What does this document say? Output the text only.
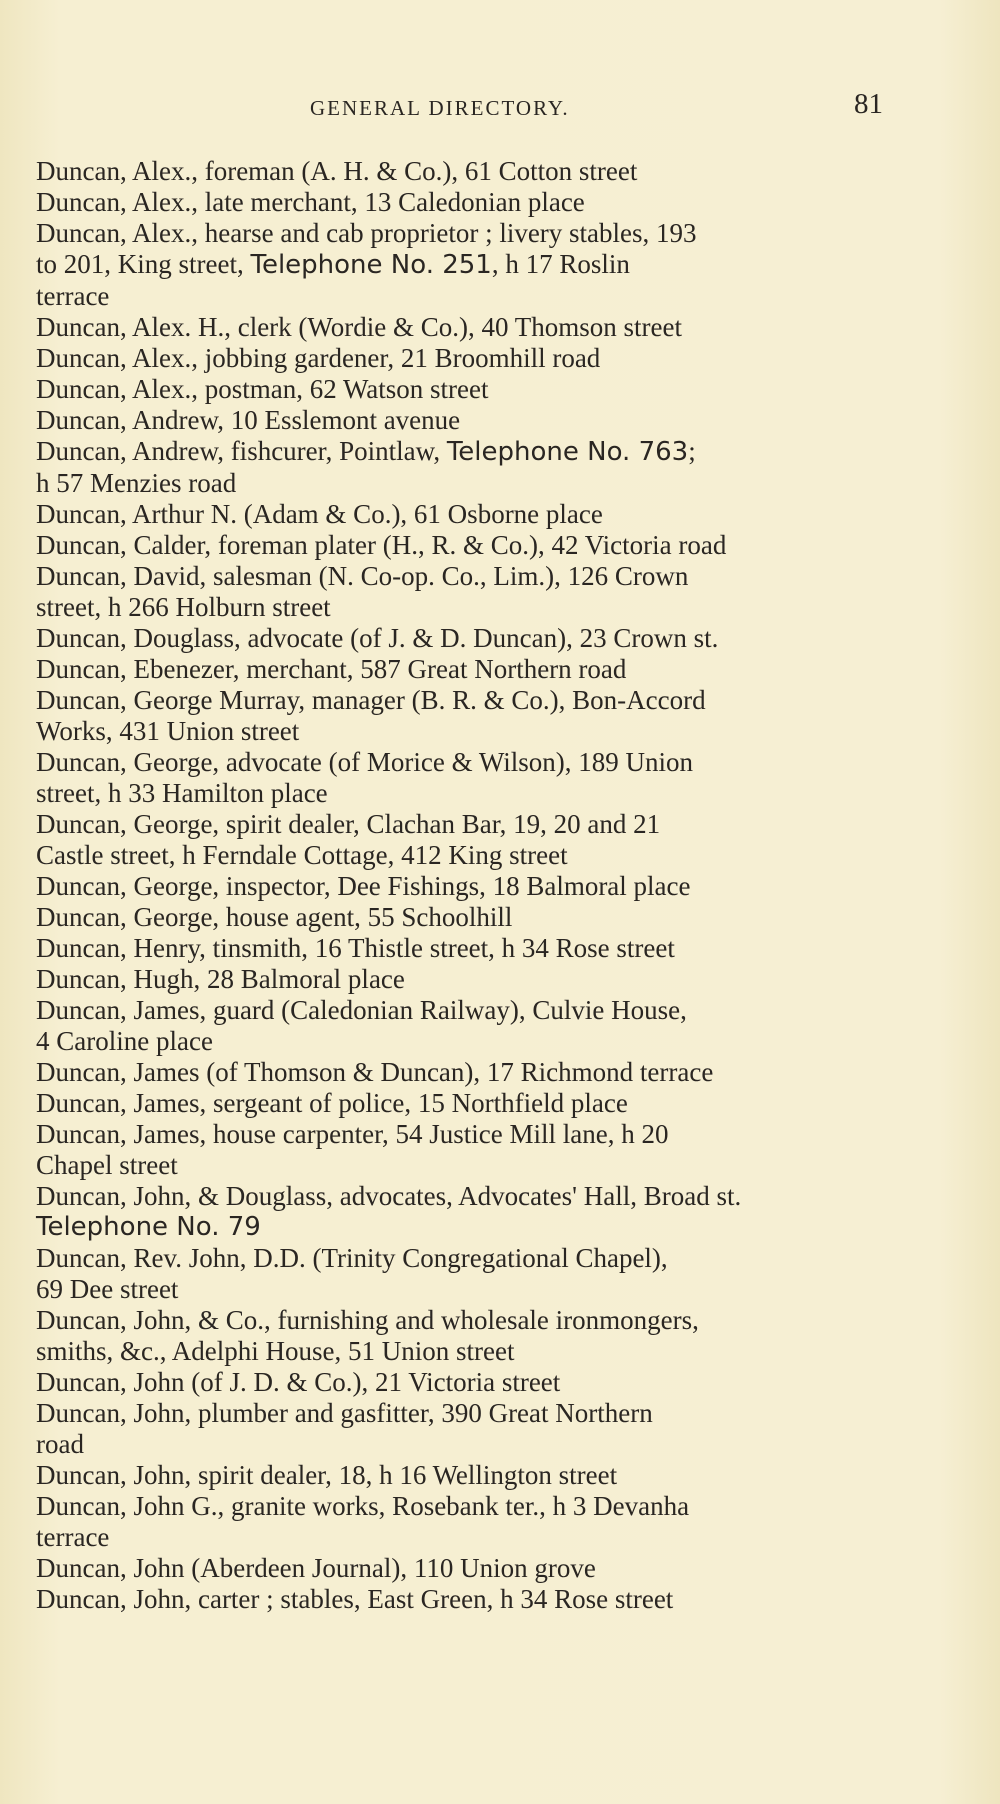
GENERAL DIRECTORY.	81
Duncan, Alex., foreman (A. H. & Co.), 61 Cotton street
Duncan, Alex., late merchant, 13 Caledonian place
Duncan, Alex., hearse and cab proprietor ; livery stables, 193
to 201, King street, Telephone No. 251, h 17 Roslin
terrace
Duncan, Alex. H., clerk (Wordie & Co.), 40 Thomson street
Duncan, Alex., jobbing gardener, 21 Broomhill road
Duncan, Alex., postman, 62 Watson street
Duncan, Andrew, 10 Esslemont avenue
Duncan, Andrew, fishcurer, Pointlaw, Telephone No. 763;
h 57 Menzies road
Duncan, Arthur N. (Adam & Co.), 61 Osborne place
Duncan, Calder, foreman plater (H., R. & Co.), 42 Victoria road
Duncan, David, salesman (N. Co-op. Co., Lim.), 126 Crown
street, h 266 Holburn street
Duncan, Douglass, advocate (of J. & D. Duncan), 23 Crown st.
Duncan, Ebenezer, merchant, 587 Great Northern road
Duncan, George Murray, manager (B. R. & Co.), Bon-Accord
Works, 431 Union street
Duncan, George, advocate (of Morice & Wilson), 189 Union
street, h 33 Hamilton place
Duncan, George, spirit dealer, Clachan Bar, 19, 20 and 21
Castle street, h Ferndale Cottage, 412 King street
Duncan, George, inspector, Dee Fishings, 18 Balmoral place
Duncan, George, house agent, 55 Schoolhill
Duncan, Henry, tinsmith, 16 Thistle street, h 34 Rose street
Duncan, Hugh, 28 Balmoral place
Duncan, James, guard (Caledonian Railway), Culvie House,
4 Caroline place
Duncan, James (of Thomson & Duncan), 17 Richmond terrace
Duncan, James, sergeant of police, 15 Northfield place
Duncan, James, house carpenter, 54 Justice Mill lane, h 20
Chapel street
Duncan, John, & Douglass, advocates, Advocates' Hall, Broad st.
Telephone No. 79
Duncan, Rev. John, D.D. (Trinity Congregational Chapel),
69 Dee street
Duncan, John, & Co., furnishing and wholesale ironmongers,
smiths, &c., Adelphi House, 51 Union street
Duncan, John (of J. D. & Co.), 21 Victoria street
Duncan, John, plumber and gasfitter, 390 Great Northern
road
Duncan, John, spirit dealer, 18, h 16 Wellington street
Duncan, John G., granite works, Rosebank ter., h 3 Devanha
terrace
Duncan, John (Aberdeen Journal), 110 Union grove
Duncan, John, carter ; stables, East Green, h 34 Rose street
